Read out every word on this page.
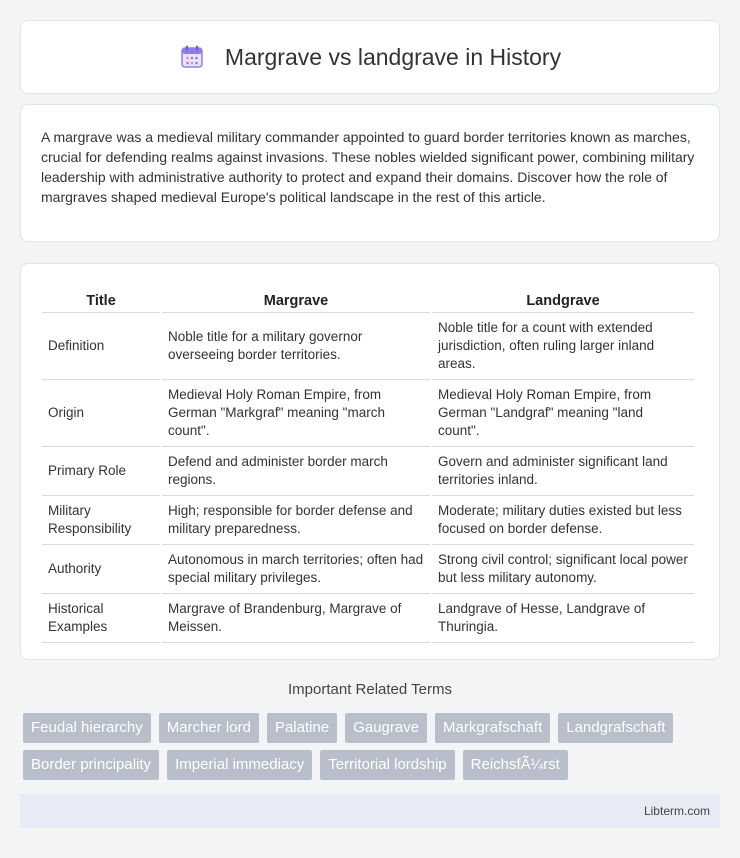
Margrave vs landgrave in History

A margrave was a medieval military commander appointed to guard border territories known as marches, crucial for defending realms against invasions. These nobles wielded significant power, combining military leadership with administrative authority to protect and expand their domains. Discover how the role of margraves shaped medieval Europe's political landscape in the rest of this article.

Title	Margrave	Landgrave
Definition	Noble title for a military governor overseeing border territories.	Noble title for a count with extended jurisdiction, often ruling larger inland areas.
Origin	Medieval Holy Roman Empire, from German "Markgraf" meaning "march count".	Medieval Holy Roman Empire, from German "Landgraf" meaning "land count".
Primary Role	Defend and administer border march regions.	Govern and administer significant land territories inland.
Military Responsibility	High; responsible for border defense and military preparedness.	Moderate; military duties existed but less focused on border defense.
Authority	Autonomous in march territories; often had special military privileges.	Strong civil control; significant local power but less military autonomy.
Historical Examples	Margrave of Brandenburg, Margrave of Meissen.	Landgrave of Hesse, Landgrave of Thuringia.
Important Related Terms
Feudal hierarchy	Marcher lord	Palatine	Gaugrave	Markgrafschaft	Landgrafschaft
Border principality	Imperial immediacy	Territorial lordship	ReichsfÃ¼rst
Libterm.com
